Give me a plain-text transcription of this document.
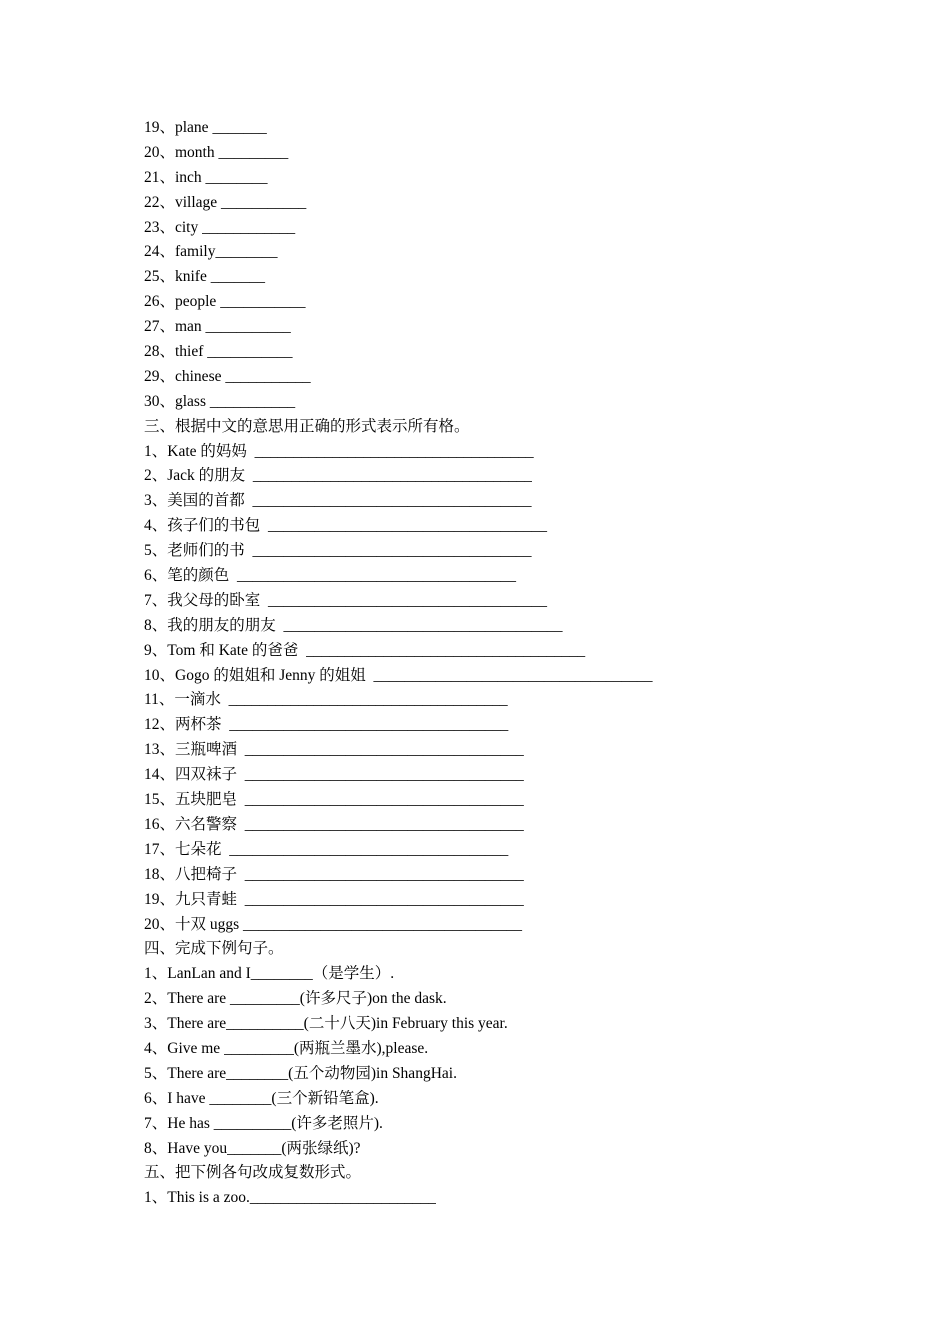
19、plane _______
20、month _________
21、inch ________
22、village ___________
23、city ____________
24、family________
25、knife _______
26、people ___________
27、man ___________
28、thief ___________
29、chinese ___________
30、glass ___________
三、根据中文的意思用正确的形式表示所有格。
1、Kate 的妈妈  ____________________________________
2、Jack 的朋友  ____________________________________
3、美国的首都  ____________________________________
4、孩子们的书包  ____________________________________
5、老师们的书  ____________________________________
6、笔的颜色  ____________________________________
7、我父母的卧室  ____________________________________
8、我的朋友的朋友  ____________________________________
9、Tom 和 Kate 的爸爸  ____________________________________
10、Gogo 的姐姐和 Jenny 的姐姐  ____________________________________
11、一滴水  ____________________________________
12、两杯茶  ____________________________________
13、三瓶啤酒  ____________________________________
14、四双袜子  ____________________________________
15、五块肥皂  ____________________________________
16、六名警察  ____________________________________
17、七朵花  ____________________________________
18、八把椅子  ____________________________________
19、九只青蛙  ____________________________________
20、十双 uggs ____________________________________
四、完成下例句子。
1、LanLan and I________（是学生）.
2、There are _________(许多尺子)on the dask.
3、There are__________(二十八天)in February this year.
4、Give me _________(两瓶兰墨水),please.
5、There are________(五个动物园)in ShangHai.
6、I have ________(三个新铅笔盒).
7、He has __________(许多老照片).
8、Have you_______(两张绿纸)?
五、把下例各句改成复数形式。
1、This is a zoo.________________________
